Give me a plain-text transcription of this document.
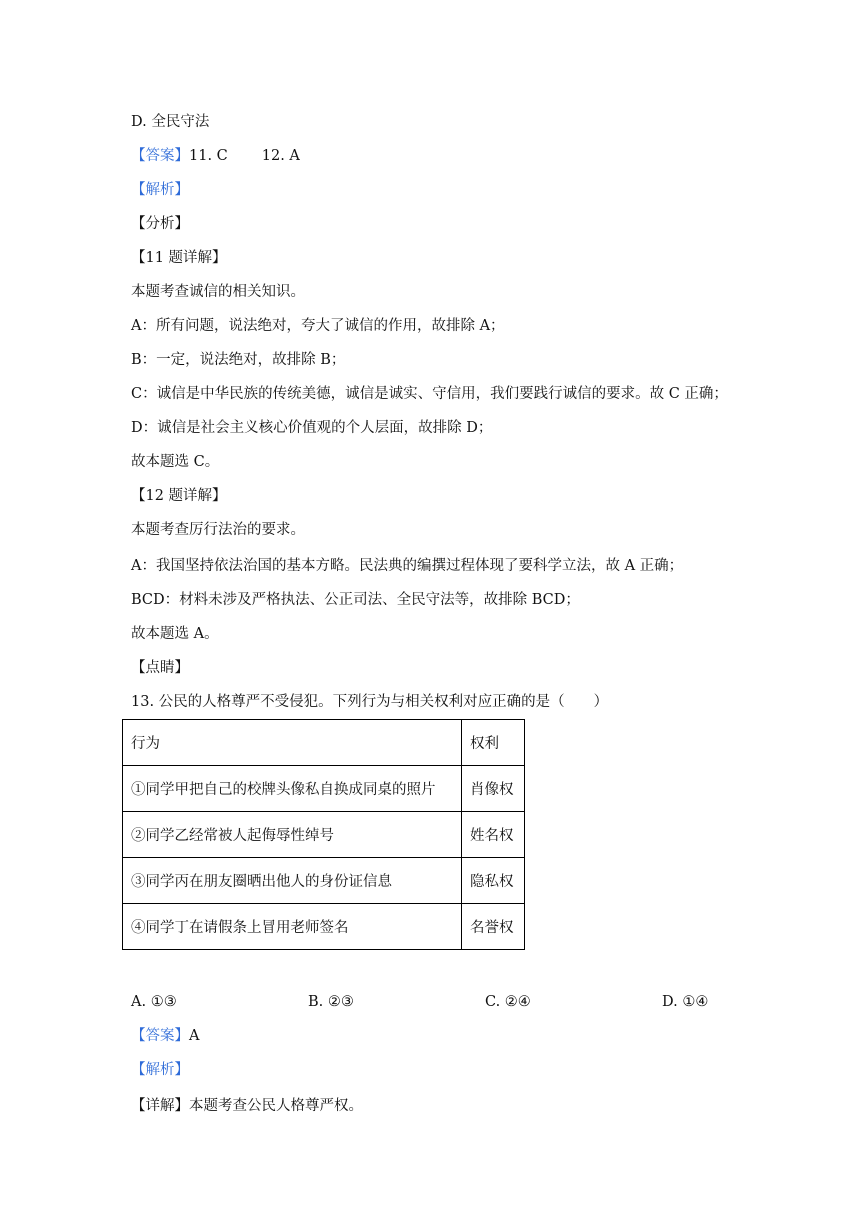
D. 全民守法
【答案】11. C 12. A
【解析】
【分析】
【11 题详解】
本题考查诚信的相关知识。
A：所有问题，说法绝对，夸大了诚信的作用，故排除 A；
B：一定，说法绝对，故排除 B；
C：诚信是中华民族的传统美德，诚信是诚实、守信用，我们要践行诚信的要求。故 C 正确；
D：诚信是社会主义核心价值观的个人层面，故排除 D；
故本题选 C。
【12 题详解】
本题考查厉行法治的要求。
A：我国坚持依法治国的基本方略。民法典的编撰过程体现了要科学立法，故 A 正确；
BCD：材料未涉及严格执法、公正司法、全民守法等，故排除 BCD；
故本题选 A。
【点睛】
13. 公民的人格尊严不受侵犯。下列行为与相关权利对应正确的是（　　）
行为	权利
①同学甲把自己的校牌头像私自换成同桌的照片	肖像权
②同学乙经常被人起侮辱性绰号	姓名权
③同学丙在朋友圈晒出他人的身份证信息	隐私权
④同学丁在请假条上冒用老师签名	名誉权
A. ①③	B. ②③	C. ②④	D. ①④
【答案】A
【解析】
【详解】本题考查公民人格尊严权。
